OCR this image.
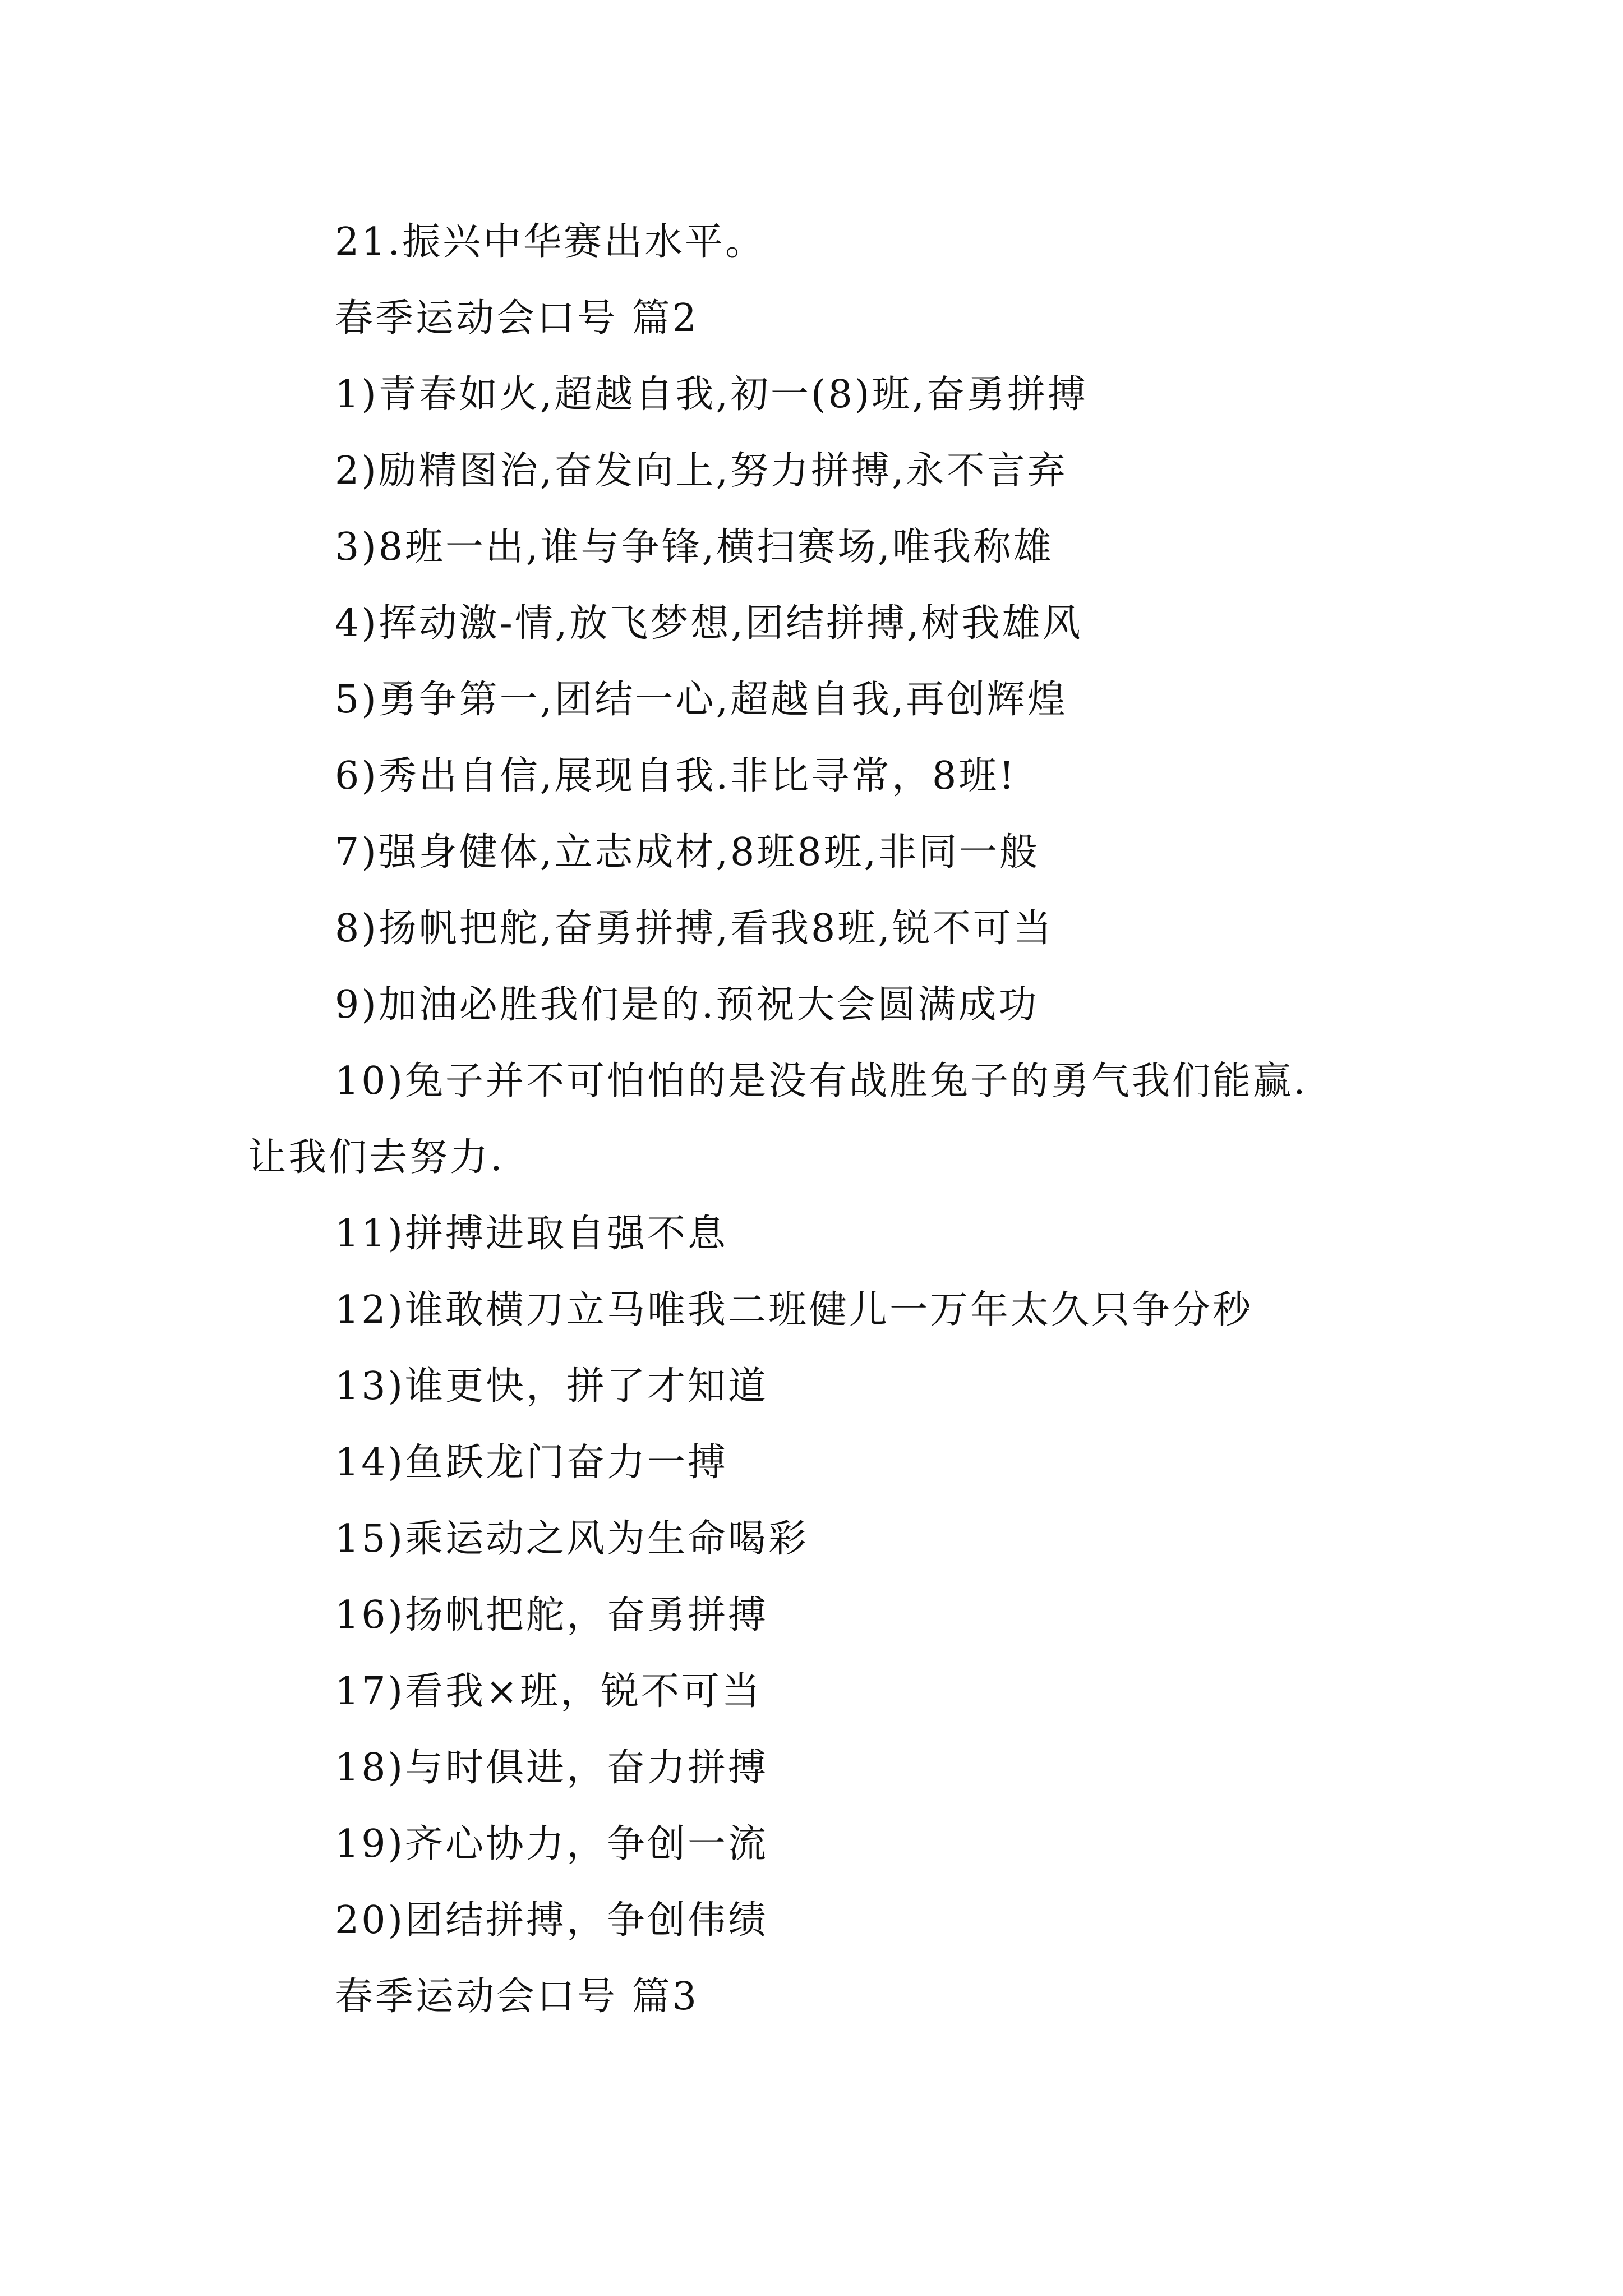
21.振兴中华赛出水平。
春季运动会口号 篇2
1)青春如火,超越自我,初一(8)班,奋勇拼搏
2)励精图治,奋发向上,努力拼搏,永不言弃
3)8班一出,谁与争锋,横扫赛场,唯我称雄
4)挥动激-情,放飞梦想,团结拼搏,树我雄风
5)勇争第一,团结一心,超越自我,再创辉煌
6)秀出自信,展现自我.非比寻常，8班!
7)强身健体,立志成材,8班8班,非同一般
8)扬帆把舵,奋勇拼搏,看我8班,锐不可当
9)加油必胜我们是的.预祝大会圆满成功
10)兔子并不可怕怕的是没有战胜兔子的勇气我们能赢.
让我们去努力.
11)拼搏进取自强不息
12)谁敢横刀立马唯我二班健儿一万年太久只争分秒
13)谁更快，拼了才知道
14)鱼跃龙门奋力一搏
15)乘运动之风为生命喝彩
16)扬帆把舵，奋勇拼搏
17)看我×班，锐不可当
18)与时俱进，奋力拼搏
19)齐心协力，争创一流
20)团结拼搏，争创伟绩
春季运动会口号 篇3
